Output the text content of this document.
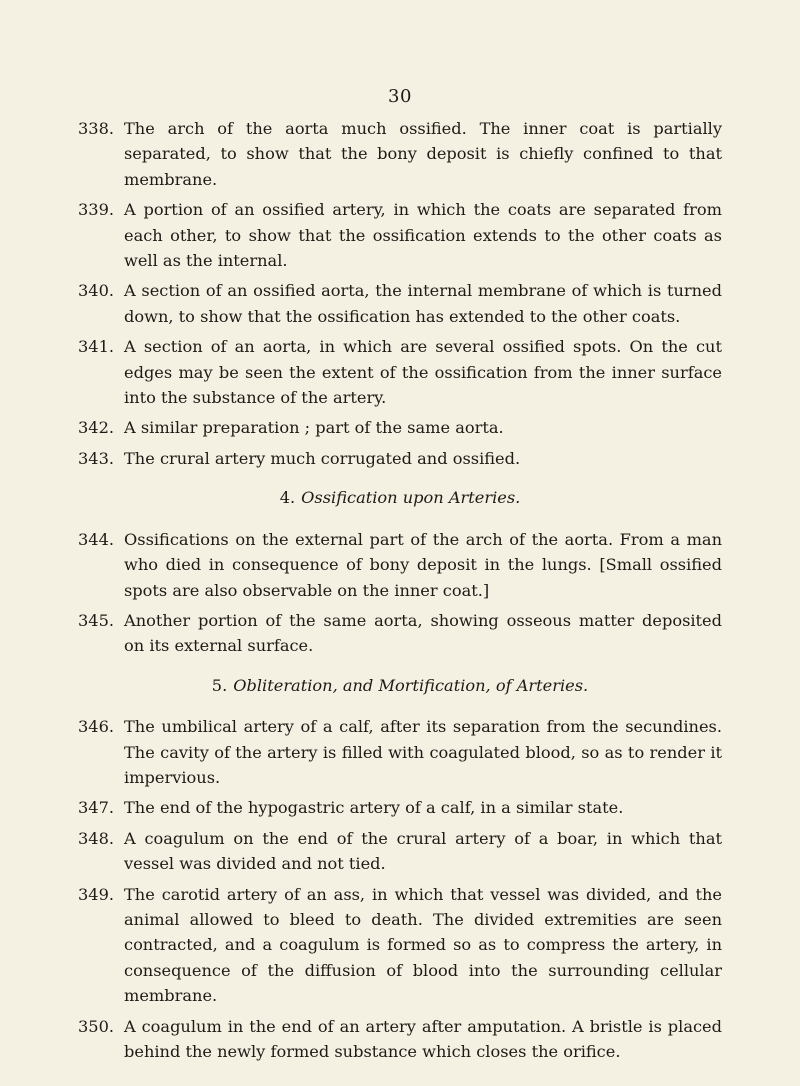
30
338. The arch of the aorta much ossified. The inner coat is partially separated, to show that the bony deposit is chiefly confined to that membrane.
339. A portion of an ossified artery, in which the coats are separated from each other, to show that the ossification extends to the other coats as well as the internal.
340. A section of an ossified aorta, the internal membrane of which is turned down, to show that the ossification has extended to the other coats.
341. A section of an aorta, in which are several ossified spots. On the cut edges may be seen the extent of the ossification from the inner surface into the substance of the artery.
342. A similar preparation ; part of the same aorta.
343. The crural artery much corrugated and ossified.
4. Ossification upon Arteries.
344. Ossifications on the external part of the arch of the aorta. From a man who died in consequence of bony deposit in the lungs. [Small ossified spots are also observable on the inner coat.]
345. Another portion of the same aorta, showing osseous matter deposited on its external surface.
5. Obliteration, and Mortification, of Arteries.
346. The umbilical artery of a calf, after its separation from the secundines. The cavity of the artery is filled with coagulated blood, so as to render it impervious.
347. The end of the hypogastric artery of a calf, in a similar state.
348. A coagulum on the end of the crural artery of a boar, in which that vessel was divided and not tied.
349. The carotid artery of an ass, in which that vessel was divided, and the animal allowed to bleed to death. The divided extremities are seen contracted, and a coagulum is formed so as to compress the artery, in consequence of the diffusion of blood into the surrounding cellular membrane.
350. A coagulum in the end of an artery after amputation. A bristle is placed behind the newly formed substance which closes the orifice.
